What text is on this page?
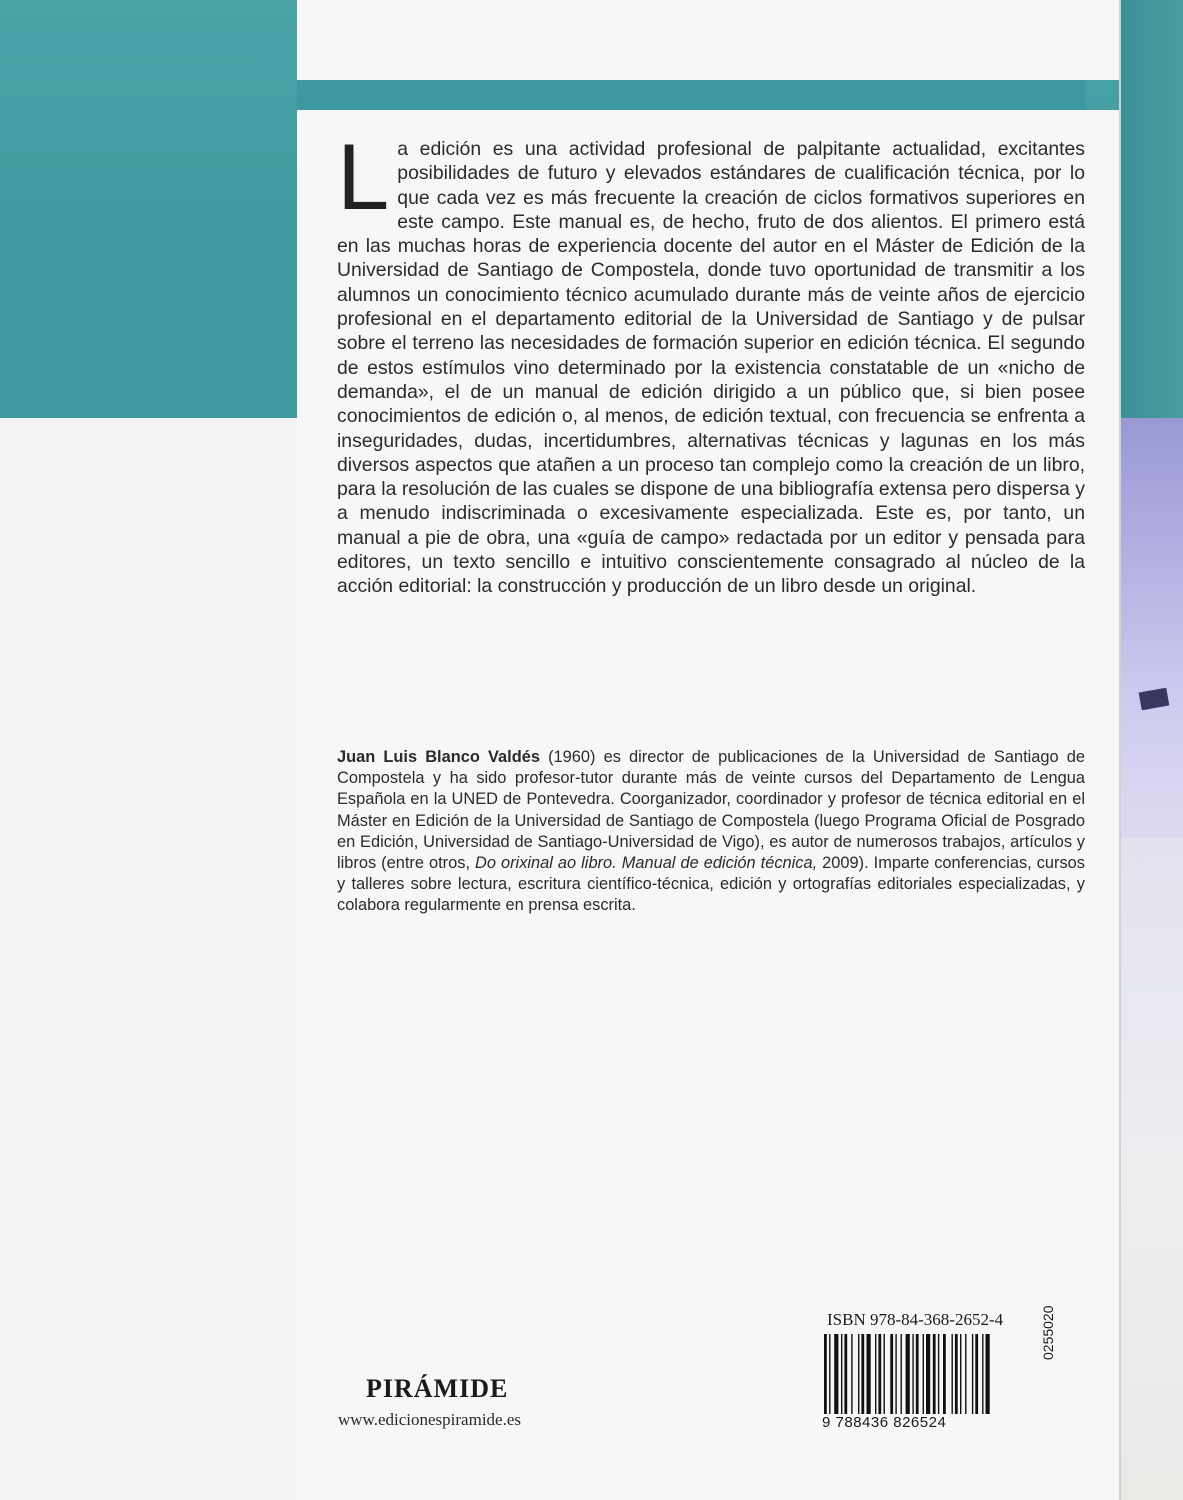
La edición es una actividad profesional de palpitante actualidad, excitantes posibilidades de futuro y elevados estándares de cualificación técnica, por lo que cada vez es más frecuente la creación de ciclos formativos superiores en este campo. Este manual es, de hecho, fruto de dos alientos. El primero está en las muchas horas de experiencia docente del autor en el Máster de Edición de la Universidad de Santiago de Compostela, donde tuvo oportunidad de transmitir a los alumnos un conocimiento técnico acumulado durante más de veinte años de ejercicio profesional en el departamento editorial de la Universidad de Santiago y de pulsar sobre el terreno las necesidades de formación superior en edición técnica. El segundo de estos estímulos vino determinado por la existencia constatable de un «nicho de demanda», el de un manual de edición dirigido a un público que, si bien posee conocimientos de edición o, al menos, de edición textual, con frecuencia se enfrenta a inseguridades, dudas, incertidumbres, alternativas técnicas y lagunas en los más diversos aspectos que atañen a un proceso tan complejo como la creación de un libro, para la resolución de las cuales se dispone de una bibliografía extensa pero dispersa y a menudo indiscriminada o excesivamente especializada. Este es, por tanto, un manual a pie de obra, una «guía de campo» redactada por un editor y pensada para editores, un texto sencillo e intuitivo conscientemente consagrado al núcleo de la acción editorial: la construcción y producción de un libro desde un original.

Juan Luis Blanco Valdés (1960) es director de publicaciones de la Universidad de Santiago de Compostela y ha sido profesor-tutor durante más de veinte cursos del Departamento de Lengua Española en la UNED de Pontevedra. Coorganizador, coordinador y profesor de técnica editorial en el Máster en Edición de la Universidad de Santiago de Compostela (luego Programa Oficial de Posgrado en Edición, Universidad de Santiago-Universidad de Vigo), es autor de numerosos trabajos, artículos y libros (entre otros, Do orixinal ao libro. Manual de edición técnica, 2009). Imparte conferencias, cursos y talleres sobre lectura, escritura científico-técnica, edición y ortografías editoriales especializadas, y colabora regularmente en prensa escrita.

PIRÁMIDE
www.edicionespiramide.es
ISBN 978-84-368-2652-4
9 788436 826524
0255020
